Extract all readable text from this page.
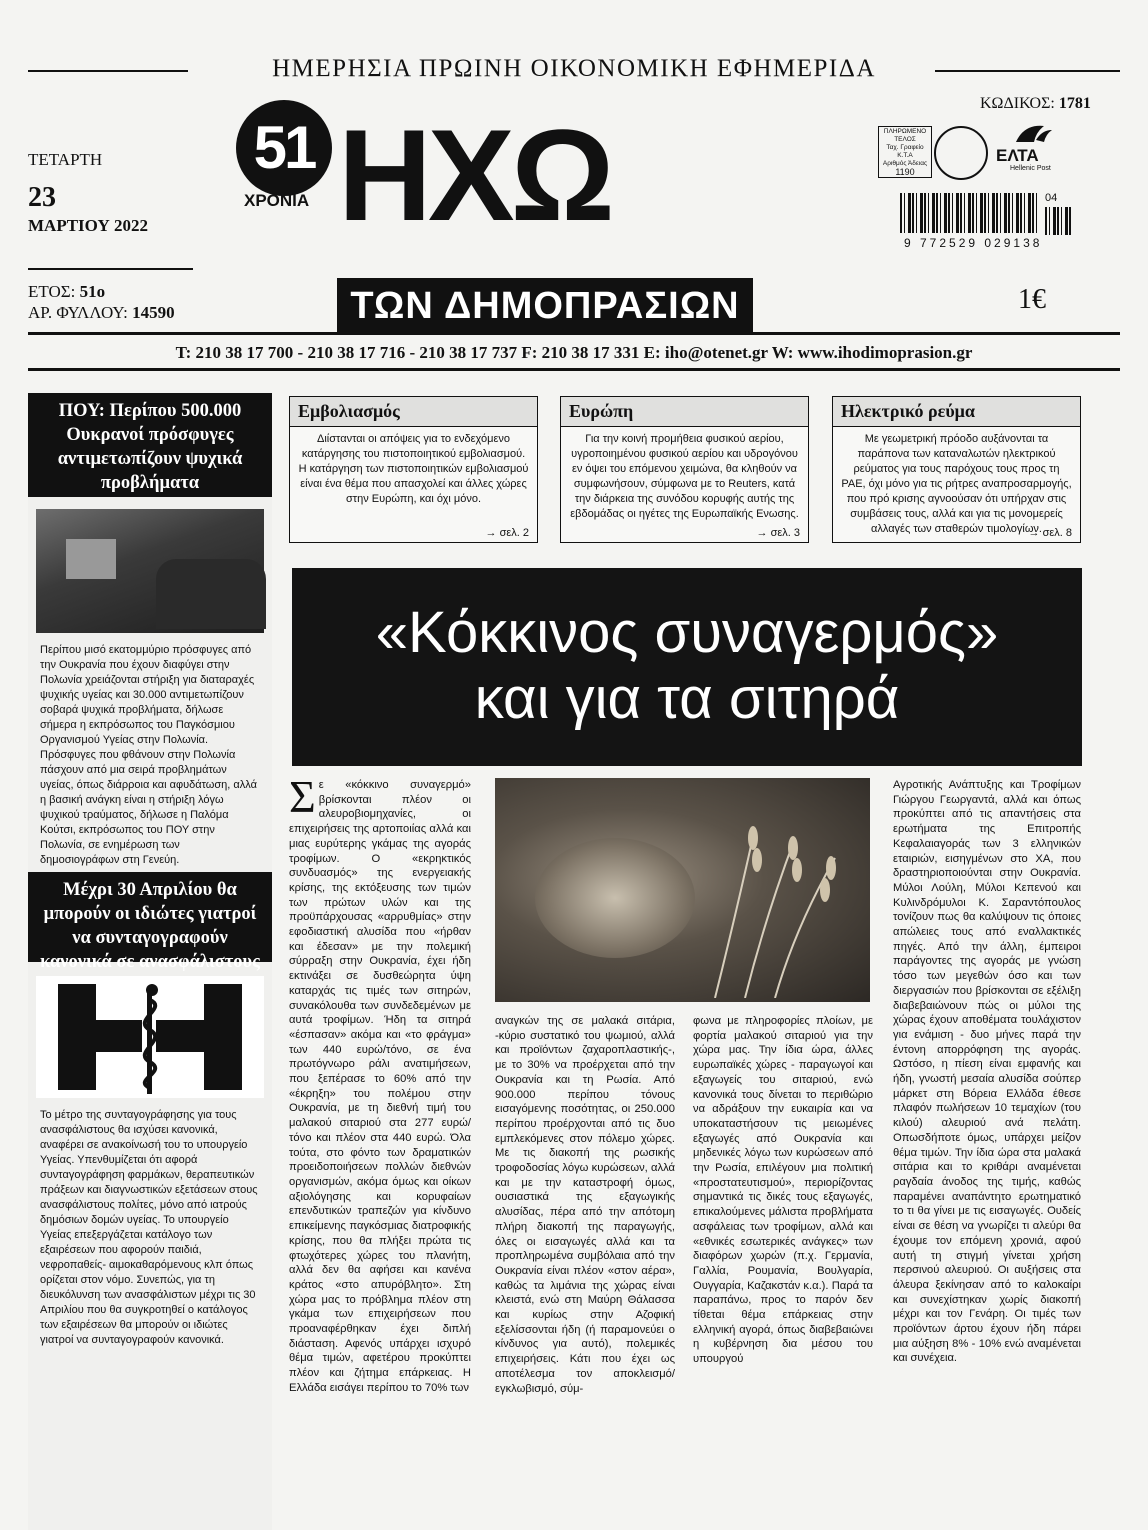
ΗΜΕΡΗΣΙΑ ΠΡΩΙΝΗ ΟΙΚΟΝΟΜΙΚΗ ΕΦΗΜΕΡΙΔΑ
ΤΕΤΑΡΤΗ
23
ΜΑΡΤΙΟΥ 2022
ΕΤΟΣ: 51ο
ΑΡ. ΦΥΛΛΟΥ: 14590
51
ΧΡΟΝΙΑ ΗΧΩ
ΤΩΝ ΔΗΜΟΠΡΑΣΙΩΝ
ΚΩΔΙΚΟΣ: 1781
ΠΛΗΡΩΜΕΝΟ ΤΕΛΟΣ
Ταχ. Γραφείο
Κ.Τ.Α
Αριθμός Άδειας
1190
ΕΛΤΑ
Hellenic Post
04
9 772529 029138
1€
T: 210 38 17 700 - 210 38 17 716 - 210 38 17 737 F: 210 38 17 331 E: iho@otenet.gr W: www.ihodimoprasion.gr
ΠΟΥ: Περίπου 500.000 Ουκρανοί πρόσφυγες αντιμετωπίζουν ψυχικά προβλήματα
Περίπου μισό εκατομμύριο πρόσφυγες από την Ουκρανία που έχουν διαφύγει στην Πολωνία χρειάζονται στήριξη για διαταραχές ψυχικής υγείας και 30.000 αντιμετωπίζουν σοβαρά ψυχικά προβλήματα, δήλωσε σήμερα η εκπρόσωπος του Παγκόσμιου Οργανισμού Υγείας στην Πολωνία. Πρόσφυγες που φθάνουν στην Πολωνία πάσχουν από μια σειρά προβλημάτων υγείας, όπως διάρροια και αφυδάτωση, αλλά η βασική ανάγκη είναι η στήριξη λόγω ψυχικού τραύματος, δήλωσε η Παλόμα Κούτσι, εκπρόσωπος του ΠΟΥ στην Πολωνία, σε ενημέρωση των δημοσιογράφων στη Γενεύη.
Μέχρι 30 Απριλίου θα μπορούν οι ιδιώτες γιατροί να συνταγογραφούν κανονικά σε ανασφάλιστους
Το μέτρο της συνταγογράφησης για τους ανασφάλιστους θα ισχύσει κανονικά, αναφέρει σε ανακοίνωσή του το υπουργείο Υγείας. Υπενθυμίζεται ότι αφορά συνταγογράφηση φαρμάκων, θεραπευτικών πράξεων και διαγνωστικών εξετάσεων στους ανασφάλιστους πολίτες, μόνο από ιατρούς δημόσιων δομών υγείας. Το υπουργείο Υγείας επεξεργάζεται κατάλογο των εξαιρέσεων που αφορούν παιδιά, νεφροπαθείς- αιμοκαθαρόμενους κλπ όπως ορίζεται στον νόμο. Συνεπώς, για τη διευκόλυνση των ανασφάλιστων μέχρι τις 30 Απριλίου που θα συγκροτηθεί ο κατάλογος των εξαιρέσεων θα μπορούν οι ιδιώτες γιατροί να συνταγογραφούν κανονικά.
Εμβολιασμός
Διίστανται οι απόψεις για το ενδεχόμενο κατάργησης του πιστοποιητικού εμβολιασμού. Η κατάργηση των πιστοποιητικών εμβολιασμού είναι ένα θέμα που απασχολεί και άλλες χώρες στην Ευρώπη, και όχι μόνο.
→ σελ. 2
Ευρώπη
Για την κοινή προμήθεια φυσικού αερίου, υγροποιημένου φυσικού αερίου και υδρογόνου εν όψει του επόμενου χειμώνα, θα κληθούν να συμφωνήσουν, σύμφωνα με το Reuters, κατά την διάρκεια της συνόδου κορυφής αυτής της εβδομάδας οι ηγέτες της Ευρωπαϊκής Ενωσης.
→ σελ. 3
Ηλεκτρικό ρεύμα
Με γεωμετρική πρόοδο αυξάνονται τα παράπονα των καταναλωτών ηλεκτρικού ρεύματος για τους παρόχους τους προς τη ΡΑΕ, όχι μόνο για τις ρήτρες αναπροσαρμογής, που πρό κρισης αγνοούσαν ότι υπήρχαν στις συμβάσεις τους, αλλά και για τις μονομερείς αλλαγές των σταθερών τιμολογίων.
→ σελ. 8
«Κόκκινος συναγερμός»
και για τα σιτηρά
Σε «κόκκινο συναγερμό» βρίσκονται πλέον οι αλευροβιομηχανίες, οι επιχειρήσεις της αρτοποιίας αλλά και μιας ευρύτερης γκάμας της αγοράς τροφίμων. Ο «εκρηκτικός συνδυασμός» της ενεργειακής κρίσης, της εκτόξευσης των τιμών των πρώτων υλών και της προϋπάρχουσας «αρρυθμίας» στην εφοδιαστική αλυσίδα που «ήρθαν και έδεσαν» με την πολεμική σύρραξη στην Ουκρανία, έχει ήδη εκτινάξει σε δυσθεώρητα ύψη καταρχάς τις τιμές των σιτηρών, συνακόλουθα των συνδεδεμένων με αυτά τροφίμων. Ήδη τα σιτηρά «έσπασαν» ακόμα και «το φράγμα» των 440 ευρώ/τόνο, σε ένα πρωτόγνωρο ράλι ανατιμήσεων, που ξεπέρασε το 60% από την «έκρηξη» του πολέμου στην Ουκρανία, με τη διεθνή τιμή του μαλακού σιταριού στα 277 ευρώ/ τόνο και πλέον στα 440 ευρώ. Όλα τούτα, στο φόντο των δραματικών προειδοποιήσεων πολλών διεθνών οργανισμών, ακόμα όμως και οίκων αξιολόγησης και κορυφαίων επενδυτικών τραπεζών για κίνδυνο επικείμενης παγκόσμιας διατροφικής κρίσης, που θα πλήξει πρώτα τις φτωχότερες χώρες του πλανήτη, αλλά δεν θα αφήσει και κανένα κράτος «στο απυρόβλητο». Στη χώρα μας το πρόβλημα πλέον στη γκάμα των επιχειρήσεων που προαναφέρθηκαν έχει διπλή διάσταση. Αφενός υπάρχει ισχυρό θέμα τιμών, αφετέρου προκύπτει πλέον και ζήτημα επάρκειας. Η Ελλάδα εισάγει περίπου το 70% των
αναγκών της σε μαλακά σιτάρια, -κύριο συστατικό του ψωμιού, αλλά και προϊόντων ζαχαροπλαστικής-, με το 30% να προέρχεται από την Ουκρανία και τη Ρωσία. Από 900.000 περίπου τόνους εισαγόμενης ποσότητας, οι 250.000 περίπου προέρχονται από τις δυο εμπλεκόμενες στον πόλεμο χώρες. Με τις διακοπή της ρωσικής τροφοδοσίας λόγω κυρώσεων, αλλά και με την καταστροφή όμως, ουσιαστικά της εξαγωγικής αλυσίδας, πέρα από την απότομη πλήρη διακοπή της παραγωγής, όλες οι εισαγωγές αλλά και τα προπληρωμένα συμβόλαια από την Ουκρανία είναι πλέον «στον αέρα», καθώς τα λιμάνια της χώρας είναι κλειστά, ενώ στη Μαύρη Θάλασσα και κυρίως στην Αζοφική εξελίσσονται ήδη (ή παραμονεύει ο κίνδυνος για αυτό), πολεμικές επιχειρήσεις. Κάτι που έχει ως αποτέλεσμα τον αποκλεισμό/εγκλωβισμό, σύμ-
φωνα με πληροφορίες πλοίων, με φορτία μαλακού σιταριού για την χώρα μας. Την ίδια ώρα, άλλες ευρωπαϊκές χώρες - παραγωγοί και εξαγωγείς του σιταριού, ενώ κανονικά τους δίνεται το περιθώριο να αδράξουν την ευκαιρία και να υποκαταστήσουν τις μειωμένες εξαγωγές από Ουκρανία και μηδενικές λόγω των κυρώσεων από την Ρωσία, επιλέγουν μια πολιτική «προστατευτισμού», περιορίζοντας σημαντικά τις δικές τους εξαγωγές, επικαλούμενες μάλιστα προβλήματα ασφάλειας των τροφίμων, αλλά και «εθνικές εσωτερικές ανάγκες» των διαφόρων χωρών (π.χ. Γερμανία, Γαλλία, Ρουμανία, Βουλγαρία, Ουγγαρία, Καζακστάν κ.α.). Παρά τα παραπάνω, προς το παρόν δεν τίθεται θέμα επάρκειας στην ελληνική αγορά, όπως διαβεβαιώνει η κυβέρνηση δια μέσου του υπουργού
Αγροτικής Ανάπτυξης και Τροφίμων Γιώργου Γεωργαντά, αλλά και όπως προκύπτει από τις απαντήσεις στα ερωτήματα της Επιτροπής Κεφαλαιαγοράς των 3 ελληνικών εταιριών, εισηγμένων στο ΧΑ, που δραστηριοποιούνται στην Ουκρανία. Μύλοι Λούλη, Μύλοι Κεπενού και Κυλινδρόμυλοι Κ. Σαραντόπουλος τονίζουν πως θα καλύψουν τις όποιες απώλειες τους από εναλλακτικές πηγές. Από την άλλη, έμπειροι παράγοντες της αγοράς με γνώση τόσο των μεγεθών όσο και των διεργασιών που βρίσκονται σε εξέλιξη διαβεβαιώνουν πώς οι μύλοι της χώρας έχουν αποθέματα τουλάχιστον για ενάμιση - δυο μήνες παρά την έντονη απορρόφηση της αγοράς. Ωστόσο, η πίεση είναι εμφανής και ήδη, γνωστή μεσαία αλυσίδα σούπερ μάρκετ στη Βόρεια Ελλάδα έθεσε πλαφόν πωλήσεων 10 τεμαχίων (του κιλού) αλευριού ανά πελάτη. Οπωσδήποτε όμως, υπάρχει μείζον θέμα τιμών. Την ίδια ώρα στα μαλακά σιτάρια και το κριθάρι αναμένεται ραγδαία άνοδος της τιμής, καθώς παραμένει αναπάντητο ερωτηματικό το τι θα γίνει με τις εισαγωγές. Ουδείς είναι σε θέση να γνωρίζει τι αλεύρι θα έχουμε τον επόμενη χρονιά, αφού αυτή τη στιγμή γίνεται χρήση περσινού αλευριού. Οι αυξήσεις στα άλευρα ξεκίνησαν από το καλοκαίρι και συνεχίστηκαν χωρίς διακοπή μέχρι και τον Γενάρη. Οι τιμές των προϊόντων άρτου έχουν ήδη πάρει μια αύξηση 8% - 10% ενώ αναμένεται και συνέχεια.
